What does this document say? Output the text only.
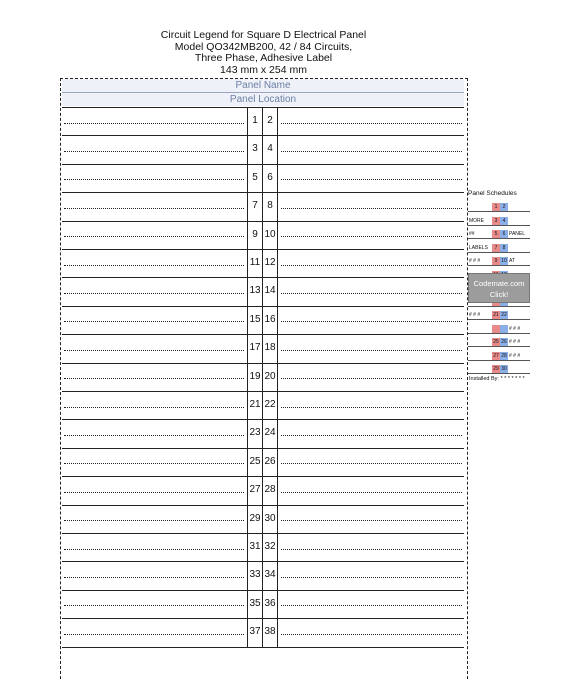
Circuit Legend for Square D Electrical Panel
Model QO342MB200, 42 / 84 Circuits,
Three Phase, Adhesive Label
143 mm x 254 mm
Panel Name
Panel Location
1 2
3 4
5 6
7 8
9 10
11 12
13 14
15 16
17 18
19 20
21 22
23 24
25 26
27 28
29 30
31 32
33 34
35 36
37 38
Panel Schedules
1	2
MORE	3	4
##	5	6 PANEL
LABELS	7	8
# # #	9 10 AT
# # #	21 22
# # #
25 26 # # #
27 28 # # #
29 30
Codemate.com
Click!
Installed By: * * * * * * *
